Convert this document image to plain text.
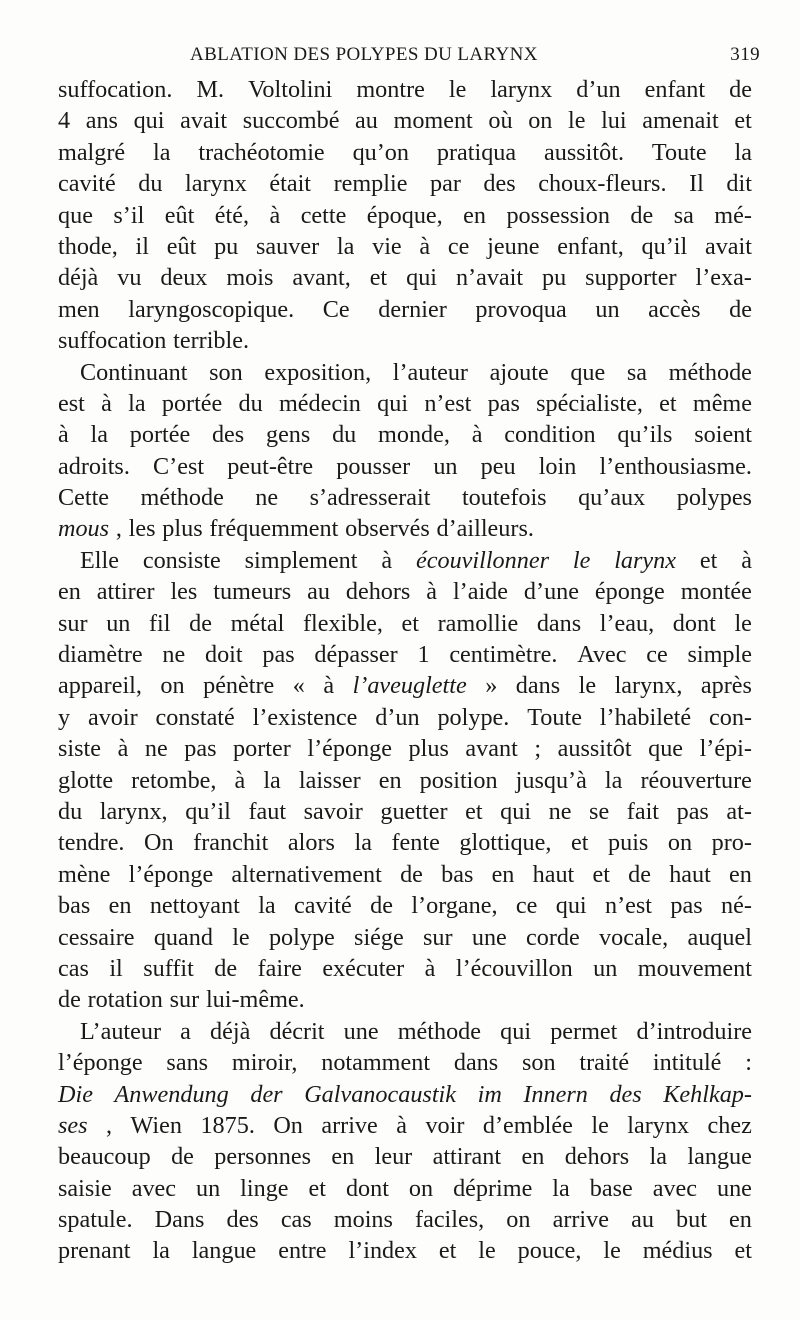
ABLATION DES POLYPES DU LARYNX	319
suffocation. M. Voltolini montre le larynx d’un enfant de
4 ans qui avait succombé au moment où on le lui amenait et
malgré la trachéotomie qu’on pratiqua aussitôt. Toute la
cavité du larynx était remplie par des choux-fleurs. Il dit
que s’il eût été, à cette époque, en possession de sa mé-
thode, il eût pu sauver la vie à ce jeune enfant, qu’il avait
déjà vu deux mois avant, et qui n’avait pu supporter l’exa-
men laryngoscopique. Ce dernier provoqua un accès de
suffocation terrible.
Continuant son exposition, l’auteur ajoute que sa méthode
est à la portée du médecin qui n’est pas spécialiste, et même
à la portée des gens du monde, à condition qu’ils soient
adroits. C’est peut-être pousser un peu loin l’enthousiasme.
Cette méthode ne s’adresserait toutefois qu’aux polypes
mous , les plus fréquemment observés d’ailleurs.
Elle consiste simplement à écouvillonner le larynx et à
en attirer les tumeurs au dehors à l’aide d’une éponge montée
sur un fil de métal flexible, et ramollie dans l’eau, dont le
diamètre ne doit pas dépasser 1 centimètre. Avec ce simple
appareil, on pénètre « à l’aveuglette » dans le larynx, après
y avoir constaté l’existence d’un polype. Toute l’habileté con-
siste à ne pas porter l’éponge plus avant ; aussitôt que l’épi-
glotte retombe, à la laisser en position jusqu’à la réouverture
du larynx, qu’il faut savoir guetter et qui ne se fait pas at-
tendre. On franchit alors la fente glottique, et puis on pro-
mène l’éponge alternativement de bas en haut et de haut en
bas en nettoyant la cavité de l’organe, ce qui n’est pas né-
cessaire quand le polype siége sur une corde vocale, auquel
cas il suffit de faire exécuter à l’écouvillon un mouvement
de rotation sur lui-même.
L’auteur a déjà décrit une méthode qui permet d’introduire
l’éponge sans miroir, notamment dans son traité intitulé :
Die Anwendung der Galvanocaustik im Innern des Kehlkap-
ses , Wien 1875. On arrive à voir d’emblée le larynx chez
beaucoup de personnes en leur attirant en dehors la langue
saisie avec un linge et dont on déprime la base avec une
spatule. Dans des cas moins faciles, on arrive au but en
prenant la langue entre l’index et le pouce, le médius et
